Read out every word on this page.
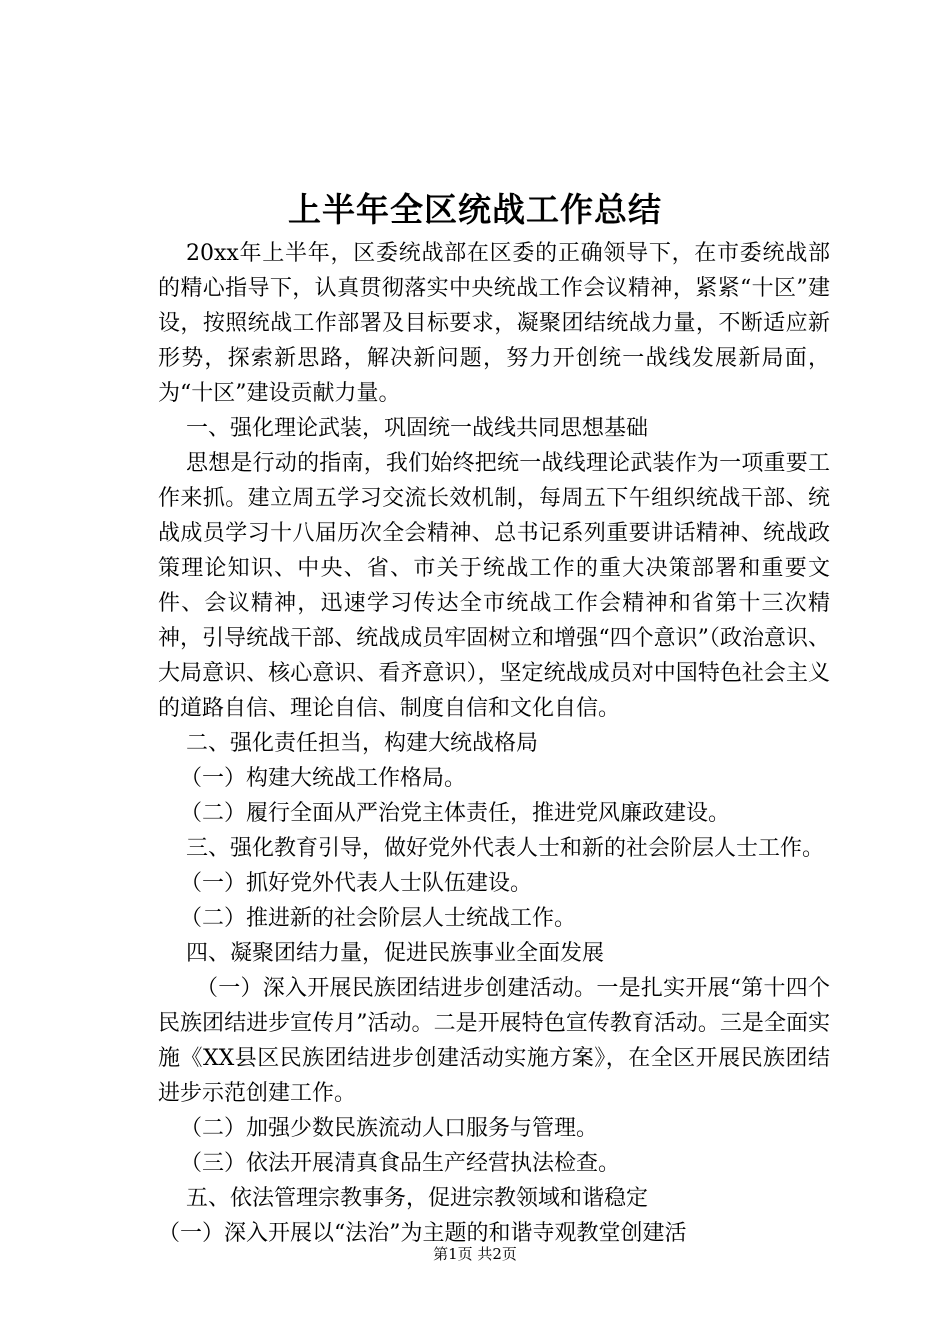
上半年全区统战工作总结

20xx年上半年，区委统战部在区委的正确领导下，在市委统战部的精心指导下，认真贯彻落实中央统战工作会议精神，紧紧“十区”建设，按照统战工作部署及目标要求，凝聚团结统战力量，不断适应新形势，探索新思路，解决新问题，努力开创统一战线发展新局面，为“十区”建设贡献力量。

一、强化理论武装，巩固统一战线共同思想基础

思想是行动的指南，我们始终把统一战线理论武装作为一项重要工作来抓。建立周五学习交流长效机制，每周五下午组织统战干部、统战成员学习十八届历次全会精神、总书记系列重要讲话精神、统战政策理论知识、中央、省、市关于统战工作的重大决策部署和重要文件、会议精神，迅速学习传达全市统战工作会精神和省第十三次精神，引导统战干部、统战成员牢固树立和增强“四个意识”（政治意识、大局意识、核心意识、看齐意识），坚定统战成员对中国特色社会主义的道路自信、理论自信、制度自信和文化自信。

二、强化责任担当，构建大统战格局

（一）构建大统战工作格局。

（二）履行全面从严治党主体责任，推进党风廉政建设。

三、强化教育引导，做好党外代表人士和新的社会阶层人士工作。

（一）抓好党外代表人士队伍建设。

（二）推进新的社会阶层人士统战工作。

四、凝聚团结力量，促进民族事业全面发展

（一）深入开展民族团结进步创建活动。一是扎实开展“第十四个民族团结进步宣传月”活动。二是开展特色宣传教育活动。三是全面实施《XX县区民族团结进步创建活动实施方案》，在全区开展民族团结进步示范创建工作。

（二）加强少数民族流动人口服务与管理。

（三）依法开展清真食品生产经营执法检查。

五、依法管理宗教事务，促进宗教领域和谐稳定

（一）深入开展以“法治”为主题的和谐寺观教堂创建活

第1页 共2页
